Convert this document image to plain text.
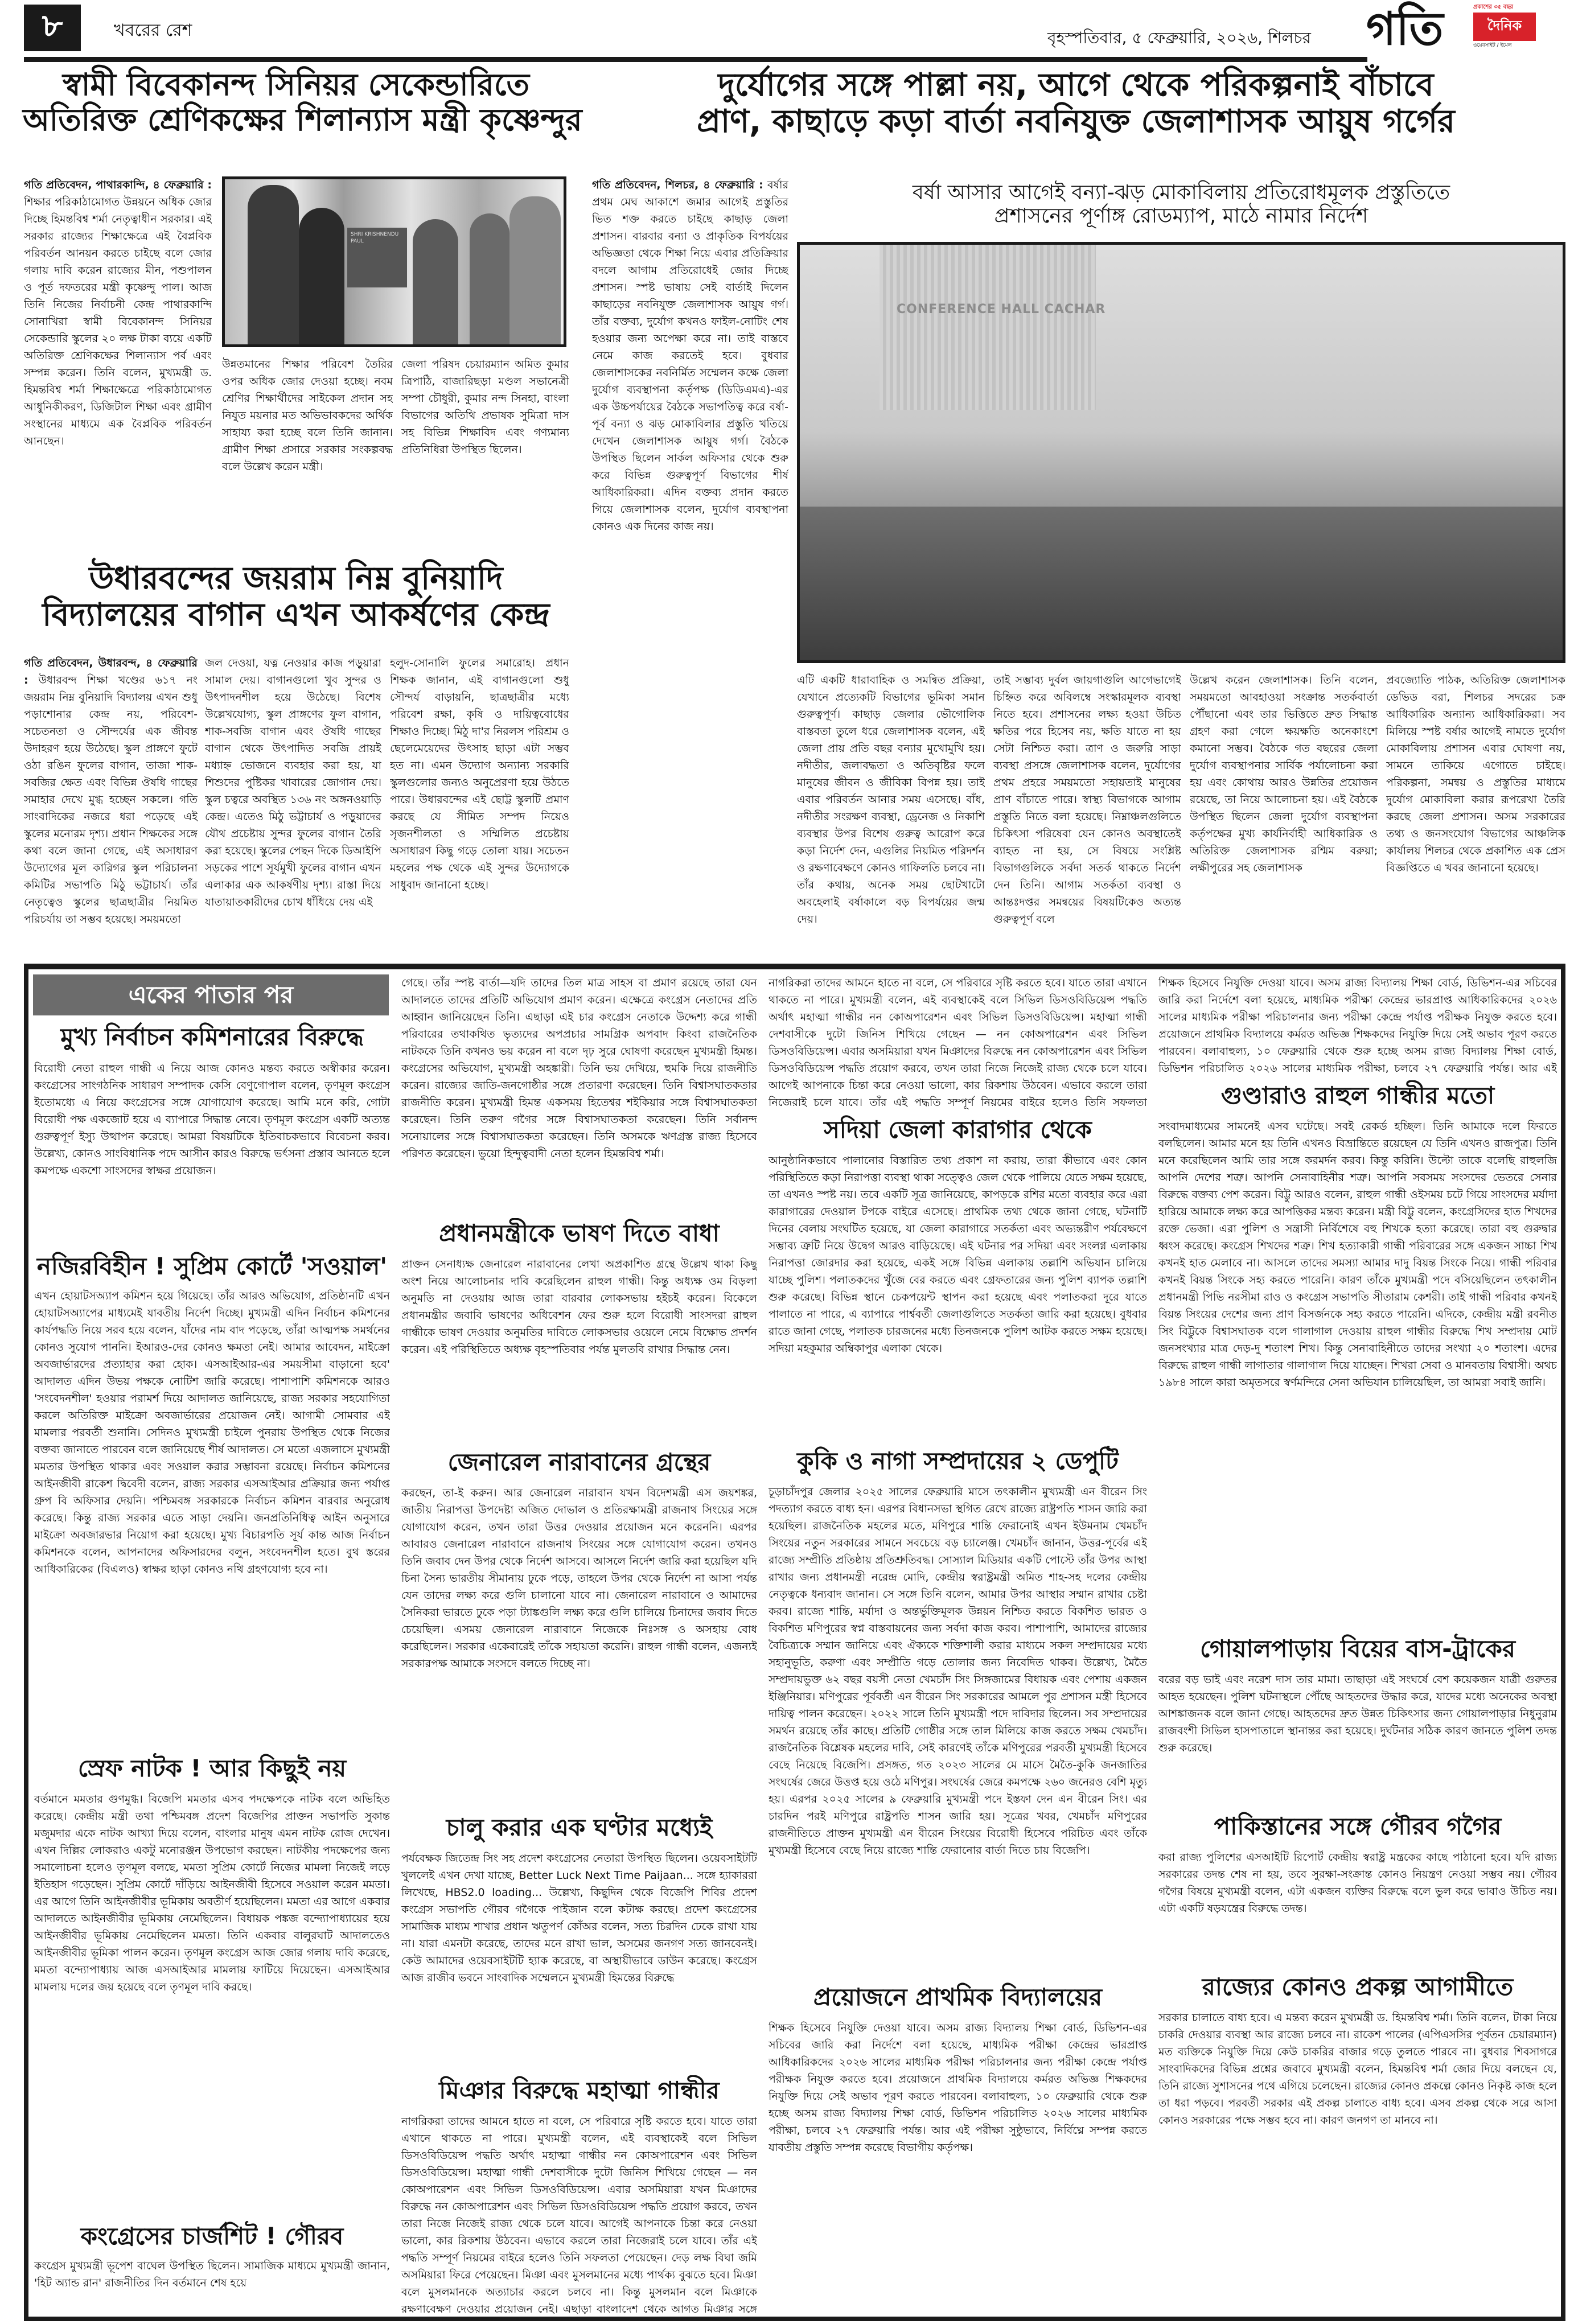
৮	খবরের রেশ	বৃহস্পতিবার, ৫ ফেব্রুয়ারি, ২০২৬, শিলচর গতি	প্রকাশের ৩৫ বছর
দৈনিক
ওয়েবসাইট / ইমেল
স্বামী বিবেকানন্দ সিনিয়র সেকেন্ডারিতে
অতিরিক্ত শ্রেণিকক্ষের শিলান্যাস মন্ত্রী কৃষ্ণেন্দুর
গতি প্রতিবেদন, পাথারকান্দি, ৪ ফেব্রুয়ারি : শিক্ষার পরিকাঠামোগত উন্নয়নে অধিক জোর দিচ্ছে হিমন্তবিশ্ব শর্মা নেতৃত্বাধীন সরকার। এই সরকার রাজ্যের শিক্ষাক্ষেত্রে এই বৈপ্লবিক পরিবর্তন আনয়ন করতে চাইছে বলে জোর গলায় দাবি করেন রাজ্যের মীন, পশুপালন ও পূর্ত দফতরের মন্ত্রী কৃষ্ণেন্দু পাল। আজ তিনি নিজের নির্বাচনী কেন্দ্র পাথারকান্দি সোনাখিরা স্বামী বিবেকানন্দ সিনিয়র সেকেন্ডারি স্কুলের ২০ লক্ষ টাকা ব্যয়ে একটি অতিরিক্ত শ্রেণিকক্ষের শিলান্যাস পর্ব এবং সম্পন্ন করেন। তিনি বলেন, মুখ্যমন্ত্রী ড. হিমন্তবিশ্ব শর্মা শিক্ষাক্ষেত্রে পরিকাঠামোগত আধুনিকীকরণ, ডিজিটাল শিক্ষা এবং গ্রামীণ সংস্থানের মাধ্যমে এক বৈপ্লবিক পরিবর্তন আনছেন।
SHRI KRISHNENDU PAUL
উন্নতমানের শিক্ষার পরিবেশ তৈরির ওপর অধিক জোর দেওয়া হচ্ছে। নবম শ্রেণির শিক্ষার্থীদের সাইকেল প্রদান সহ নিযুত ময়নার মত অভিভাবকদের অর্থিক সাহায্য করা হচ্ছে বলে তিনি জানান। গ্রামীণ শিক্ষা প্রসারে সরকার সংকল্পবদ্ধ বলে উল্লেখ করেন মন্ত্রী।
জেলা পরিষদ চেয়ারম্যান অমিত কুমার ত্রিপাঠি, বাজারিছড়া মণ্ডল সভানেত্রী সম্পা চৌধুরী, কুমার নন্দ সিনহা, বাংলা বিভাগের অতিথি প্রভাষক সুমিত্রা দাস সহ বিভিন্ন শিক্ষাবিদ এবং গণ্যমান্য প্রতিনিধিরা উপস্থিত ছিলেন।
উধারবন্দের জয়রাম নিম্ন বুনিয়াদি
বিদ্যালয়ের বাগান এখন আকর্ষণের কেন্দ্র
গতি প্রতিবেদন, উধারবন্দ, ৪ ফেব্রুয়ারি : উধারবন্দ শিক্ষা খণ্ডের ৬১৭ নং জয়রাম নিম্ন বুনিয়াদি বিদ্যালয় এখন শুধু পড়াশোনার কেন্দ্র নয়, পরিবেশ-সচেতনতা ও সৌন্দর্যের এক জীবন্ত উদাহরণ হয়ে উঠেছে। স্কুল প্রাঙ্গণে ফুটে ওঠা রঙিন ফুলের বাগান, তাজা শাক-সবজির ক্ষেত এবং বিভিন্ন ঔষধি গাছের সমাহার দেখে মুগ্ধ হচ্ছেন সকলে। গতি সাংবাদিকের নজরে ধরা পড়েছে এই স্কুলের মনোরম দৃশ্য। প্রধান শিক্ষকের সঙ্গে কথা বলে জানা গেছে, এই অসাধারণ উদ্যোগের মূল কারিগর স্কুল পরিচালনা কমিটির সভাপতি মিঠু ভট্টাচার্য। তাঁর নেতৃত্বেও স্কুলের ছাত্রছাত্রীর নিয়মিত পরিচর্যায় তা সম্ভব হয়েছে। সময়মতো
জল দেওয়া, যত্ন নেওয়ার কাজ পড়ুয়ারা সামাল দেয়। বাগানগুলো খুব সুন্দর ও উৎপাদনশীল হয়ে উঠেছে। বিশেষ উল্লেখযোগ্য, স্কুল প্রাঙ্গণের ফুল বাগান, শাক-সবজি বাগান এবং ঔষধি গাছের বাগান থেকে উৎপাদিত সবজি প্রায়ই মধ্যাহ্ন ভোজনে ব্যবহার করা হয়, যা শিশুদের পুষ্টিকর খাবারের জোগান দেয়। স্কুল চত্বরে অবস্থিত ১৩৬ নং অঙ্গনওয়াড়ি কেন্দ্র। এতেও মিঠু ভট্টাচার্য ও পড়ুয়াদের যৌথ প্রচেষ্টায় সুন্দর ফুলের বাগান তৈরি করা হয়েছে। স্কুলের পেছন দিকে ডিআইপি সড়কের পাশে সূর্যমুখী ফুলের বাগান এখন এলাকার এক আকর্ষণীয় দৃশ্য। রাস্তা দিয়ে যাতায়াতকারীদের চোখ ধাঁধিয়ে দেয় এই
হলুদ-সোনালি ফুলের সমারোহ। প্রধান শিক্ষক জানান, এই বাগানগুলো শুধু সৌন্দর্য বাড়ায়নি, ছাত্রছাত্রীর মধ্যে পরিবেশ রক্ষা, কৃষি ও দায়িত্ববোধের শিক্ষাও দিচ্ছে। মিঠু দা'র নিরলস পরিশ্রম ও ছেলেমেয়েদের উৎসাহ ছাড়া এটা সম্ভব হত না। এমন উদ্যোগ অন্যান্য সরকারি স্কুলগুলোর জন্যও অনুপ্রেরণা হয়ে উঠতে পারে। উধারবন্দের এই ছোট্ট স্কুলটি প্রমাণ করছে যে সীমিত সম্পদ নিয়েও সৃজনশীলতা ও সম্মিলিত প্রচেষ্টায় অসাধারণ কিছু গড়ে তোলা যায়। সচেতন মহলের পক্ষ থেকে এই সুন্দর উদ্যোগকে সাধুবাদ জানানো হচ্ছে।
দুর্যোগের সঙ্গে পাল্লা নয়, আগে থেকে পরিকল্পনাই বাঁচাবে
প্রাণ, কাছাড়ে কড়া বার্তা নবনিযুক্ত জেলাশাসক আয়ুষ গর্গের
গতি প্রতিবেদন, শিলচর, ৪ ফেব্রুয়ারি : বর্ষার প্রথম মেঘ আকাশে জমার আগেই প্রস্তুতির ভিত শক্ত করতে চাইছে কাছাড় জেলা প্রশাসন। বারবার বন্যা ও প্রাকৃতিক বিপর্যয়ের অভিজ্ঞতা থেকে শিক্ষা নিয়ে এবার প্রতিক্রিয়ার বদলে আগাম প্রতিরোধেই জোর দিচ্ছে প্রশাসন। স্পষ্ট ভাষায় সেই বার্তাই দিলেন কাছাড়ের নবনিযুক্ত জেলাশাসক আয়ুষ গর্গ। তাঁর বক্তব্য, দুর্যোগ কখনও ফাইল-নোটিং শেষ হওয়ার জন্য অপেক্ষা করে না। তাই বাস্তবে নেমে কাজ করতেই হবে। বুধবার জেলাশাসকের নবনির্মিত সম্মেলন কক্ষে জেলা দুর্যোগ ব্যবস্থাপনা কর্তৃপক্ষ (ডিডিএমএ)-এর এক উচ্চপর্যায়ের বৈঠকে সভাপতিত্ব করে বর্ষা-পূর্ব বন্যা ও ঝড় মোকাবিলার প্রস্তুতি খতিয়ে দেখেন জেলাশাসক আয়ুষ গর্গ। বৈঠকে উপস্থিত ছিলেন সার্কল অফিসার থেকে শুরু করে বিভিন্ন গুরুত্বপূর্ণ বিভাগের শীর্ষ আধিকারিকরা। এদিন বক্তব্য প্রদান করতে গিয়ে জেলাশাসক বলেন, দুর্যোগ ব্যবস্থাপনা কোনও এক দিনের কাজ নয়।
বর্ষা আসার আগেই বন্যা-ঝড় মোকাবিলায় প্রতিরোধমূলক প্রস্তুতিতে
প্রশাসনের পূর্ণাঙ্গ রোডম্যাপ, মাঠে নামার নির্দেশ
CONFERENCE HALL CACHAR
এটি একটি ধারাবাহিক ও সমন্বিত প্রক্রিয়া, যেখানে প্রত্যেকটি বিভাগের ভূমিকা সমান গুরুত্বপূর্ণ। কাছাড় জেলার ভৌগোলিক বাস্তবতা তুলে ধরে জেলাশাসক বলেন, এই জেলা প্রায় প্রতি বছর বন্যার মুখোমুখি হয়। নদীতীর, জলাবদ্ধতা ও অতিবৃষ্টির ফলে মানুষের জীবন ও জীবিকা বিপন্ন হয়। তাই এবার পরিবর্তন আনার সময় এসেছে। বাঁধ, নদীতীর সংরক্ষণ ব্যবস্থা, ড্রেনেজ ও নিকাশি ব্যবস্থার উপর বিশেষ গুরুত্ব আরোপ করে কড়া নির্দেশ দেন, এগুলির নিয়মিত পরিদর্শন ও রক্ষণাবেক্ষণে কোনও গাফিলতি চলবে না। তাঁর কথায়, অনেক সময় ছোটখাটো অবহেলাই বর্ষাকালে বড় বিপর্যয়ের জন্ম দেয়।
তাই সম্ভাব্য দুর্বল জায়গাগুলি আগেভাগেই চিহ্নিত করে অবিলম্বে সংস্কারমূলক ব্যবস্থা নিতে হবে। প্রশাসনের লক্ষ্য হওয়া উচিত ক্ষতির পরে হিসেব নয়, ক্ষতি যাতে না হয় সেটা নিশ্চিত করা। ত্রাণ ও জরুরি সাড়া ব্যবস্থা প্রসঙ্গে জেলাশাসক বলেন, দুর্যোগের প্রথম প্রহরে সময়মতো সহায়তাই মানুষের প্রাণ বাঁচাতে পারে। স্বাস্থ্য বিভাগকে আগাম প্রস্তুতি নিতে বলা হয়েছে। নিম্নাঞ্চলগুলিতে চিকিৎসা পরিষেবা যেন কোনও অবস্থাতেই ব্যাহত না হয়, সে বিষয়ে সংশ্লিষ্ট বিভাগগুলিকে সর্বদা সতর্ক থাকতে নির্দেশ দেন তিনি। আগাম সতর্কতা ব্যবস্থা ও আন্তঃদপ্তর সমন্বয়ের বিষয়টিকেও অত্যন্ত গুরুত্বপূর্ণ বলে
উল্লেখ করেন জেলাশাসক। তিনি বলেন, সময়মতো আবহাওয়া সংক্রান্ত সতর্কবার্তা পৌঁছানো এবং তার ভিত্তিতে দ্রুত সিদ্ধান্ত গ্রহণ করা গেলে ক্ষয়ক্ষতি অনেকাংশে কমানো সম্ভব। বৈঠকে গত বছরের জেলা দুর্যোগ ব্যবস্থাপনার সার্বিক পর্যালোচনা করা হয় এবং কোথায় আরও উন্নতির প্রয়োজন রয়েছে, তা নিয়ে আলোচনা হয়। এই বৈঠকে উপস্থিত ছিলেন জেলা দুর্যোগ ব্যবস্থাপনা কর্তৃপক্ষের মুখ্য কার্যনির্বাহী আধিকারিক ও অতিরিক্ত জেলাশাসক রশ্মিম বরুয়া; লক্ষীপুরের সহ জেলাশাসক
প্রবজ্যোতি পাঠক, অতিরিক্ত জেলাশাসক ডেভিড বরা, শিলচর সদরের চক্র আধিকারিক অন্যান্য আধিকারিকরা। সব মিলিয়ে স্পষ্ট বর্ষার আগেই নামতে দুর্যোগ মোকাবিলায় প্রশাসন এবার ঘোষণা নয়, সামনে তাকিয়ে এগোতে চাইছে। পরিকল্পনা, সমন্বয় ও প্রস্তুতির মাধ্যমে দুর্যোগ মোকাবিলা করার রূপরেখা তৈরি করছে জেলা প্রশাসন। অসম সরকারের তথ্য ও জনসংযোগ বিভাগের আঞ্চলিক কার্যালয় শিলচর থেকে প্রকাশিত এক প্রেস বিজ্ঞপ্তিতে এ খবর জানানো হয়েছে।
একের পাতার পর
মুখ্য নির্বাচন কমিশনারের বিরুদ্ধে
বিরোধী নেতা রাহুল গান্ধী এ নিয়ে আজ কোনও মন্তব্য করতে অস্বীকার করেন। কংগ্রেসের সাংগঠনিক সাধারণ সম্পাদক কেসি বেণুগোপাল বলেন, তৃণমূল কংগ্রেস ইতোমধ্যে এ নিয়ে কংগ্রেসের সঙ্গে যোগাযোগ করেছে। আমি মনে করি, গোটা বিরোধী পক্ষ একজোট হয়ে এ ব্যাপারে সিদ্ধান্ত নেবে। তৃণমূল কংগ্রেস একটি অত্যন্ত গুরুত্বপূর্ণ ইস্যু উত্থাপন করেছে। আমরা বিষয়টিকে ইতিবাচকভাবে বিবেচনা করব। উল্লেখ্য, কোনও সাংবিধানিক পদে আসীন কারও বিরুদ্ধে ভর্ৎসনা প্রস্তাব আনতে হলে কমপক্ষে একশো সাংসদের স্বাক্ষর প্রয়োজন।
নজিরবিহীন ! সুপ্রিম কোর্টে 'সওয়াল'
এখন হোয়াটসঅ্যাপ কমিশন হয়ে গিয়েছে। তাঁর আরও অভিযোগ, প্রতিষ্ঠানটি এখন হোয়াটসঅ্যাপের মাধ্যমেই যাবতীয় নির্দেশ দিচ্ছে। মুখ্যমন্ত্রী এদিন নির্বাচন কমিশনের কার্যপদ্ধতি নিয়ে সরব হয়ে বলেন, যাঁদের নাম বাদ পড়েছে, তাঁরা আত্মপক্ষ সমর্থনের কোনও সুযোগ পাননি। ইআরও-দের কোনও ক্ষমতা নেই। আমার আবেদন, মাইক্রো অবজার্ভারদের প্রত্যাহার করা হোক। এসআইআর-এর সময়সীমা বাড়ানো হবে' আদালত এদিন উভয় পক্ষকে নোটিশ জারি করেছে। পাশাপাশি কমিশনকে আরও 'সংবেদনশীল' হওয়ার পরামর্শ দিয়ে আদালত জানিয়েছে, রাজ্য সরকার সহযোগিতা করলে অতিরিক্ত মাইক্রো অবজার্ভারের প্রয়োজন নেই। আগামী সোমবার এই মামলার পরবর্তী শুনানি। সেদিনও মুখ্যমন্ত্রী চাইলে পুনরায় উপস্থিত থেকে নিজের বক্তব্য জানাতে পারবেন বলে জানিয়েছে শীর্ষ আদালত। সে মতো এজলাসে মুখ্যমন্ত্রী মমতার উপস্থিত থাকার এবং সওয়াল করার সম্ভাবনা রয়েছে। নির্বাচন কমিশনের আইনজীবী রাকেশ দ্বিবেদী বলেন, রাজ্য সরকার এসআইআর প্রক্রিয়ার জন্য পর্যাপ্ত গ্রুপ বি অফিসার দেয়নি। পশ্চিমবঙ্গ সরকারকে নির্বাচন কমিশন বারবার অনুরোধ করেছে। কিন্তু রাজ্য সরকার এতে সাড়া দেয়নি। জনপ্রতিনিধিত্ব আইন অনুসারে মাইক্রো অবজারভার নিয়োগ করা হয়েছে। মুখ্য বিচারপতি সূর্য কান্ত আজ নির্বাচন কমিশনকে বলেন, আপনাদের অফিসারদের বলুন, সংবেদনশীল হতে। বুথ স্তরের আধিকারিকের (বিএলও) স্বাক্ষর ছাড়া কোনও নথি গ্রহণযোগ্য হবে না।
স্রেফ নাটক ! আর কিছুই নয়
বর্তমানে মমতার গুণমুগ্ধ। বিজেপি মমতার এসব পদক্ষেপকে নাটক বলে অভিহিত করেছে। কেন্দ্রীয় মন্ত্রী তথা পশ্চিমবঙ্গ প্রদেশ বিজেপির প্রাক্তন সভাপতি সুকান্ত মজুমদার একে নাটক আখ্যা দিয়ে বলেন, বাংলার মানুষ এমন নাটক রোজ দেখেন। এখন দিল্লির লোকরাও একটু মনোরঞ্জন উপভোগ করছেন। নাটকীয় পদক্ষেপের জন্য সমালোচনা হলেও তৃণমূল বলছে, মমতা সুপ্রিম কোর্টে নিজের মামলা নিজেই লড়ে ইতিহাস গড়েছেন। সুপ্রিম কোর্টে দাঁড়িয়ে আইনজীবী হিসেবে সওয়াল করেন মমতা। এর আগে তিনি আইনজীবীর ভূমিকায় অবতীর্ণ হয়েছিলেন। মমতা এর আগে একবার আদালতে আইনজীবীর ভূমিকায় নেমেছিলেন। বিধায়ক পঙ্কজ বন্দ্যোপাধ্যায়ের হয়ে আইনজীবীর ভূমিকায় নেমেছিলেন মমতা। তিনি একবার বালুরঘাট আদালতেও আইনজীবীর ভূমিকা পালন করেন। তৃণমূল কংগ্রেস আজ জোর গলায় দাবি করেছে, মমতা বন্দ্যোপাধ্যায় আজ এসআইআর মামলায় ফাটিয়ে দিয়েছেন। এসআইআর মামলায় দলের জয় হয়েছে বলে তৃণমূল দাবি করছে।
কংগ্রেসের চার্জশিট ! গৌরব
কংগ্রেস মুখ্যমন্ত্রী ভূপেশ বাঘেল উপস্থিত ছিলেন। সামাজিক মাধ্যমে মুখ্যমন্ত্রী জানান, 'হিট অ্যান্ড রান' রাজনীতির দিন বর্তমানে শেষ হয়ে
গেছে। তাঁর স্পষ্ট বার্তা—যদি তাদের তিল মাত্র সাহস বা প্রমাণ রয়েছে তারা যেন আদালতে তাদের প্রতিটি অভিযোগ প্রমাণ করেন। এক্ষেত্রে কংগ্রেস নেতাদের প্রতি আহ্বান জানিয়েছেন তিনি। এছাড়া এই চার কংগ্রেস নেতাকে উদ্দেশ্য করে গান্ধী পরিবারের তথাকথিত ভৃত্যদের অপপ্রচার সামগ্রিক অপবাদ কিংবা রাজনৈতিক নাটককে তিনি কখনও ভয় করেন না বলে দৃঢ় সুরে ঘোষণা করেছেন মুখ্যমন্ত্রী হিমন্ত। কংগ্রেসের অভিযোগ, মুখ্যমন্ত্রী অহঙ্কারী। তিনি ভয় দেখিয়ে, হুমকি দিয়ে রাজনীতি করেন। রাজ্যের জাতি-জনগোষ্ঠীর সঙ্গে প্রতারণা করেছেন। তিনি বিশ্বাসঘাতকতার রাজনীতি করেন। মুখ্যমন্ত্রী হিমন্ত একসময় হিতেশ্বর শইকিয়ার সঙ্গে বিশ্বাসঘাতকতা করেছেন। তিনি তরুণ গগৈর সঙ্গে বিশ্বাসঘাতকতা করেছেন। তিনি সর্বানন্দ সনোয়ালের সঙ্গে বিশ্বাসঘাতকতা করেছেন। তিনি অসমকে ঋণগ্রস্ত রাজ্য হিসেবে পরিণত করেছেন। ভুয়ো হিন্দুত্ববাদী নেতা হলেন হিমন্তবিশ্ব শর্মা।
প্রধানমন্ত্রীকে ভাষণ দিতে বাধা
প্রাক্তন সেনাধ্যক্ষ জেনারেল নারাবানের লেখা অপ্রকাশিত গ্রন্থে উল্লেখ থাকা কিছু অংশ নিয়ে আলোচনার দাবি করেছিলেন রাহুল গান্ধী। কিন্তু অধ্যক্ষ ওম বিড়লা অনুমতি না দেওয়ায় আজ তারা বারবার লোকসভায় হইচই করেন। বিকেলে প্রধানমন্ত্রীর জবাবি ভাষণের অধিবেশন ফের শুরু হলে বিরোধী সাংসদরা রাহুল গান্ধীকে ভাষণ দেওয়ার অনুমতির দাবিতে লোকসভার ওয়েলে নেমে বিক্ষোভ প্রদর্শন করেন। এই পরিস্থিতিতে অধ্যক্ষ বৃহস্পতিবার পর্যন্ত মুলতবি রাখার সিদ্ধান্ত নেন।
জেনারেল নারাবানের গ্রন্থের
করছেন, তা-ই করুন। আর জেনারেল নারাবান যখন বিদেশমন্ত্রী এস জয়শঙ্কর, জাতীয় নিরাপত্তা উপদেষ্টা অজিত দোভাল ও প্রতিরক্ষামন্ত্রী রাজনাথ সিংয়ের সঙ্গে যোগাযোগ করেন, তখন তারা উত্তর দেওয়ার প্রয়োজন মনে করেননি। এরপর আবারও জেনারেল নারাবানে রাজনাথ সিংয়ের সঙ্গে যোগাযোগ করেন। তখনও তিনি জবাব দেন উপর থেকে নির্দেশ আসবে। আসলে নির্দেশ জারি করা হয়েছিল যদি চিনা সৈন্য ভারতীয় সীমানায় ঢুকে পড়ে, তাহলে উপর থেকে নির্দেশ না আসা পর্যন্ত যেন তাদের লক্ষ্য করে গুলি চালানো যাবে না। জেনারেল নারাবানে ও আমাদের সৈনিকরা ভারতে ঢুকে পড়া ট্যাঙ্কগুলি লক্ষ্য করে গুলি চালিয়ে চিনাদের জবাব দিতে চেয়েছিল। এসময় জেনারেল নারাবানে নিজেকে নিঃসঙ্গ ও অসহায় বোধ করেছিলেন। সরকার একেবারেই তাঁকে সহায়তা করেনি। রাহুল গান্ধী বলেন, এজন্যই সরকারপক্ষ আমাকে সংসদে বলতে দিচ্ছে না।
চালু করার এক ঘণ্টার মধ্যেই
পর্যবেক্ষক জিতেন্দ্র সিং সহ প্রদেশ কংগ্রেসের নেতারা উপস্থিত ছিলেন। ওয়েবসাইটটি খুললেই এখন দেখা যাচ্ছে, Better Luck Next Time Paijaan... সঙ্গে হ্যাকাররা লিখেছে, HBS2.0 loading... উল্লেখ্য, কিছুদিন থেকে বিজেপি শিবির প্রদেশ কংগ্রেস সভাপতি গৌরব গগৈকে পাইজান বলে কটাক্ষ করছে। প্রদেশ কংগ্রেসের সামাজিক মাধ্যম শাখার প্রধান ঋতুপর্ণ কোঁঅর বলেন, সত্য চিরদিন ঢেকে রাখা যায় না। যারা এমনটা করেছে, তাদের মনে রাখা ভাল, অসমের জনগণ সত্য জানবেনই। কেউ আমাদের ওয়েবসাইটটি হ্যাক করেছে, বা অস্থায়ীভাবে ডাউন করেছে। কংগ্রেস আজ রাজীব ভবনে সাংবাদিক সম্মেলনে মুখ্যমন্ত্রী হিমন্তের বিরুদ্ধে
মিঞার বিরুদ্ধে মহাত্মা গান্ধীর
নাগরিকরা তাদের আমনে হাতে না বলে, সে পরিবারে সৃষ্টি করতে হবে। যাতে তারা এখানে থাকতে না পারে। মুখ্যমন্ত্রী বলেন, এই ব্যবস্থাকেই বলে সিভিল ডিসওবিডিয়েন্স পদ্ধতি অর্থাৎ মহাত্মা গান্ধীর নন কোঅপারেশন এবং সিভিল ডিসওবিডিয়েন্স। মহাত্মা গান্ধী দেশবাসীকে দুটো জিনিস শিখিয়ে গেছেন — নন কোঅপারেশন এবং সিভিল ডিসওবিডিয়েন্স। এবার অসমিয়ারা যখন মিঞাদের বিরুদ্ধে নন কোঅপারেশন এবং সিভিল ডিসওবিডিয়েন্স পদ্ধতি প্রয়োগ করবে, তখন তারা নিজে নিজেই রাজ্য থেকে চলে যাবে। আগেই আপনাকে চিন্তা করে নেওয়া ভালো, কার রিকশায় উঠবেন। এভাবে করলে তারা নিজেরাই চলে যাবে। তাঁর এই পদ্ধতি সম্পূর্ণ নিয়মের বাইরে হলেও তিনি সফলতা পেয়েছেন। দেড় লক্ষ বিঘা জমি অসমিয়ারা ফিরে পেয়েছেন। মিঞা এবং মুসলমানের মধ্যে পার্থক্য বুঝতে হবে। মিঞা বলে মুসলমানকে অত্যাচার করলে চলবে না। কিন্তু মুসলমান বলে মিঞাকে রক্ষণাবেক্ষণ দেওয়ার প্রয়োজন নেই। এছাড়া বাংলাদেশ থেকে আগত মিঞার সঙ্গে
নাগরিকরা তাদের আমনে হাতে না বলে, সে পরিবারে সৃষ্টি করতে হবে। যাতে তারা এখানে থাকতে না পারে। মুখ্যমন্ত্রী বলেন, এই ব্যবস্থাকেই বলে সিভিল ডিসওবিডিয়েন্স পদ্ধতি অর্থাৎ মহাত্মা গান্ধীর নন কোঅপারেশন এবং সিভিল ডিসওবিডিয়েন্স। মহাত্মা গান্ধী দেশবাসীকে দুটো জিনিস শিখিয়ে গেছেন — নন কোঅপারেশন এবং সিভিল ডিসওবিডিয়েন্স। এবার অসমিয়ারা যখন মিঞাদের বিরুদ্ধে নন কোঅপারেশন এবং সিভিল ডিসওবিডিয়েন্স পদ্ধতি প্রয়োগ করবে, তখন তারা নিজে নিজেই রাজ্য থেকে চলে যাবে। আগেই আপনাকে চিন্তা করে নেওয়া ভালো, কার রিকশায় উঠবেন। এভাবে করলে তারা নিজেরাই চলে যাবে। তাঁর এই পদ্ধতি সম্পূর্ণ নিয়মের বাইরে হলেও তিনি সফলতা
সদিয়া জেলা কারাগার থেকে
আনুষ্ঠানিকভাবে পালানোর বিস্তারিত তথ্য প্রকাশ না করায়, তারা কীভাবে এবং কোন পরিস্থিতিতে কড়া নিরাপত্তা ব্যবস্থা থাকা সত্ত্বেও জেল থেকে পালিয়ে যেতে সক্ষম হয়েছে, তা এখনও স্পষ্ট নয়। তবে একটি সূত্র জানিয়েছে, কাপড়কে রশির মতো ব্যবহার করে এরা কারাগারের দেওয়াল টপকে বাইরে এসেছে। প্রাথমিক তথ্য থেকে জানা গেছে, ঘটনাটি দিনের বেলায় সংঘটিত হয়েছে, যা জেলা কারাগারে সতর্কতা এবং অভ্যন্তরীণ পর্যবেক্ষণে সম্ভাব্য ত্রুটি নিয়ে উদ্বেগ আরও বাড়িয়েছে। এই ঘটনার পর সদিয়া এবং সংলগ্ন এলাকায় নিরাপত্তা জোরদার করা হয়েছে, একই সঙ্গে বিভিন্ন এলাকায় তল্লাশি অভিযান চালিয়ে যাচ্ছে পুলিশ। পলাতকদের খুঁজে বের করতে এবং গ্রেফতারের জন্য পুলিশ ব্যাপক তল্লাশি শুরু করেছে। বিভিন্ন স্থানে চেকপয়েন্ট স্থাপন করা হয়েছে এবং পলাতকরা দূরে যাতে পালাতে না পারে, এ ব্যাপারে পার্শ্ববর্তী জেলাগুলিতে সতর্কতা জারি করা হয়েছে। বুধবার রাতে জানা গেছে, পলাতক চারজনের মধ্যে তিনজনকে পুলিশ আটক করতে সক্ষম হয়েছে। সদিয়া মহকুমার অম্বিকাপুর এলাকা থেকে।
কুকি ও নাগা সম্প্রদায়ের ২ ডেপুটি
চূড়াচাঁদপুর জেলার ২০২৫ সালের ফেব্রুয়ারি মাসে তৎকালীন মুখ্যমন্ত্রী এন বীরেন সিং পদত্যাগ করতে বাধ্য হন। এরপর বিধানসভা স্থগিত রেখে রাজ্যে রাষ্ট্রপতি শাসন জারি করা হয়েছিল। রাজনৈতিক মহলের মতে, মণিপুরে শান্তি ফেরানোই এখন ইউমনাম খেমচাঁদ সিংয়ের নতুন সরকারের সামনে সবচেয়ে বড় চ্যালেঞ্জ। খেমচাঁদ জানান, উত্তর-পূর্বের এই রাজ্যে সম্প্রীতি প্রতিষ্ঠায় প্রতিশ্রুতিবদ্ধ। সোস্যাল মিডিয়ার একটি পোস্টে তাঁর উপর আস্থা রাখার জন্য প্রধানমন্ত্রী নরেন্দ্র মোদি, কেন্দ্রীয় স্বরাষ্ট্রমন্ত্রী অমিত শাহ-সহ দলের কেন্দ্রীয় নেতৃত্বকে ধন্যবাদ জানান। সে সঙ্গে তিনি বলেন, আমার উপর আস্থার সম্মান রাখার চেষ্টা করব। রাজ্যে শান্তি, মর্যাদা ও অন্তর্ভুক্তিমূলক উন্নয়ন নিশ্চিত করতে বিকশিত ভারত ও বিকশিত মণিপুরের স্বপ্ন বাস্তবায়নের জন্য সর্বদা কাজ করব। পাশাপাশি, আমাদের রাজ্যের বৈচিত্র্যকে সম্মান জানিয়ে এবং ঐক্যকে শক্তিশালী করার মাধ্যমে সকল সম্প্রদায়ের মধ্যে সহানুভূতি, করুণা এবং সম্প্রীতি গড়ে তোলার জন্য নিবেদিত থাকব। উল্লেখ্য, মৈতৈ সম্প্রদায়ভুক্ত ৬২ বছর বয়সী নেতা খেমচাঁদ সিং সিঙ্গজামের বিধায়ক এবং পেশায় একজন ইঞ্জিনিয়ার। মণিপুরের পূর্ববর্তী এন বীরেন সিং সরকারের আমলে পুর প্রশাসন মন্ত্রী হিসেবে দায়িত্ব পালন করেছেন। ২০২২ সালে তিনি মুখ্যমন্ত্রী পদে দাবিদার ছিলেন। সব সম্প্রদায়ের সমর্থন রয়েছে তাঁর কাছে। প্রতিটি গোষ্ঠীর সঙ্গে তাল মিলিয়ে কাজ করতে সক্ষম খেমচাঁদ। রাজনৈতিক বিশ্লেষক মহলের দাবি, সেই কারণেই তাঁকে মণিপুরের পরবর্তী মুখ্যমন্ত্রী হিসেবে বেছে নিয়েছে বিজেপি। প্রসঙ্গত, গত ২০২৩ সালের মে মাসে মৈতৈ-কুকি জনজাতির সংঘর্ষের জেরে উত্তপ্ত হয়ে ওঠে মণিপুর। সংঘর্ষের জেরে কমপক্ষে ২৬০ জনেরও বেশি মৃত্যু হয়। এরপর ২০২৫ সালের ৯ ফেব্রুয়ারি মুখ্যমন্ত্রী পদে ইস্তফা দেন এন বীরেন সিং। এর চারদিন পরই মণিপুরে রাষ্ট্রপতি শাসন জারি হয়। সূত্রের খবর, খেমচাঁদ মণিপুরের রাজনীতিতে প্রাক্তন মুখ্যমন্ত্রী এন বীরেন সিংয়ের বিরোধী হিসেবে পরিচিত এবং তাঁকে মুখ্যমন্ত্রী হিসেবে বেছে নিয়ে রাজ্যে শান্তি ফেরানোর বার্তা দিতে চায় বিজেপি।
প্রয়োজনে প্রাথমিক বিদ্যালয়ের
শিক্ষক হিসেবে নিযুক্তি দেওয়া যাবে। অসম রাজ্য বিদ্যালয় শিক্ষা বোর্ড, ডিভিশন-এর সচিবের জারি করা নির্দেশে বলা হয়েছে, মাধ্যমিক পরীক্ষা কেন্দ্রের ভারপ্রাপ্ত আধিকারিকদের ২০২৬ সালের মাধ্যমিক পরীক্ষা পরিচালনার জন্য পরীক্ষা কেন্দ্রে পর্যাপ্ত পরীক্ষক নিযুক্ত করতে হবে। প্রয়োজনে প্রাথমিক বিদ্যালয়ে কর্মরত অভিজ্ঞ শিক্ষকদের নিযুক্তি দিয়ে সেই অভাব পূরণ করতে পারবেন। বলাবাহুল্য, ১০ ফেব্রুয়ারি থেকে শুরু হচ্ছে অসম রাজ্য বিদ্যালয় শিক্ষা বোর্ড, ডিভিশন পরিচালিত ২০২৬ সালের মাধ্যমিক পরীক্ষা, চলবে ২৭ ফেব্রুয়ারি পর্যন্ত। আর এই পরীক্ষা সুষ্ঠুভাবে, নির্বিঘ্নে সম্পন্ন করতে যাবতীয় প্রস্তুতি সম্পন্ন করেছে বিভাগীয় কর্তৃপক্ষ।
শিক্ষক হিসেবে নিযুক্তি দেওয়া যাবে। অসম রাজ্য বিদ্যালয় শিক্ষা বোর্ড, ডিভিশন-এর সচিবের জারি করা নির্দেশে বলা হয়েছে, মাধ্যমিক পরীক্ষা কেন্দ্রের ভারপ্রাপ্ত আধিকারিকদের ২০২৬ সালের মাধ্যমিক পরীক্ষা পরিচালনার জন্য পরীক্ষা কেন্দ্রে পর্যাপ্ত পরীক্ষক নিযুক্ত করতে হবে। প্রয়োজনে প্রাথমিক বিদ্যালয়ে কর্মরত অভিজ্ঞ শিক্ষকদের নিযুক্তি দিয়ে সেই অভাব পূরণ করতে পারবেন। বলাবাহুল্য, ১০ ফেব্রুয়ারি থেকে শুরু হচ্ছে অসম রাজ্য বিদ্যালয় শিক্ষা বোর্ড, ডিভিশন পরিচালিত ২০২৬ সালের মাধ্যমিক পরীক্ষা, চলবে ২৭ ফেব্রুয়ারি পর্যন্ত। আর এই
গুণ্ডারাও রাহুল গান্ধীর মতো
সংবাদমাধ্যমের সামনেই এসব ঘটেছে। সবই রেকর্ড হচ্ছিল। তিনি আমাকে দলে ফিরতে বলছিলেন। আমার মনে হয় তিনি এখনও বিভ্রান্তিতে রয়েছেন যে তিনি এখনও রাজপুত্র। তিনি মনে করেছিলেন আমি তার সঙ্গে করমর্দন করব। কিন্তু করিনি। উল্টো তাকে বলেছি রাহুলজি আপনি দেশের শত্রু। আপনি সেনাবাহিনীর শত্রু। আপনি সবসময় সংসদের ভেতরে সেনার বিরুদ্ধে বক্তব্য পেশ করেন। বিট্টু আরও বলেন, রাহুল গান্ধী ওইসময় চটে গিয়ে সাংসদের মর্যাদা হারিয়ে আমাকে লক্ষ্য করে আপত্তিকর মন্তব্য করেন। মন্ত্রী বিট্টু বলেন, কংগ্রেসিদের হাত শিখদের রক্তে ভেজা। এরা পুলিশ ও সন্ত্রাসী নির্বিশেষে বহু শিখকে হত্যা করেছে। তারা বহু গুরুদ্বার ধ্বংস করেছে। কংগ্রেস শিখদের শত্রু। শিখ হত্যাকারী গান্ধী পরিবারের সঙ্গে একজন সাচ্চা শিখ কখনই হাত মেলাবে না। আসলে তাদের সমস্যা আমার দাদু বিয়ন্ত সিংকে নিয়ে। গান্ধী পরিবার কখনই বিয়ন্ত সিংকে সহ্য করতে পারেনি। কারণ তাঁকে মুখ্যমন্ত্রী পদে বসিয়েছিলেন তৎকালীন প্রধানমন্ত্রী পিভি নরসীমা রাও ও কংগ্রেস সভাপতি সীতারাম কেশরী। তাই গান্ধী পরিবার কখনই বিয়ন্ত সিংয়ের দেশের জন্য প্রাণ বিসর্জনকে সহ্য করতে পারেনি। এদিকে, কেন্দ্রীয় মন্ত্রী রবনীত সিং বিট্টুকে বিশ্বাসঘাতক বলে গালাগাল দেওয়ায় রাহুল গান্ধীর বিরুদ্ধে শিখ সম্প্রদায় মোট জনসংখ্যার মাত্র দেড়-দু শতাংশ শিখ। কিন্তু সেনাবাহিনীতে তাদের সংখ্যা ২০ শতাংশ। এদের বিরুদ্ধে রাহুল গান্ধী লাগাতার গালাগাল দিয়ে যাচ্ছেন। শিখরা সেবা ও মানবতায় বিশ্বাসী। অথচ ১৯৮৪ সালে কারা অমৃতসরে স্বর্ণমন্দিরে সেনা অভিযান চালিয়েছিল, তা আমরা সবাই জানি।
গোয়ালপাড়ায় বিয়ের বাস-ট্রাকের
বরের বড় ভাই এবং নরেশ দাস তার মামা। তাছাড়া এই সংঘর্ষে বেশ কয়েকজন যাত্রী গুরুতর আহত হয়েছেন। পুলিশ ঘটনাস্থলে পৌঁছে আহতদের উদ্ধার করে, যাদের মধ্যে অনেকের অবস্থা আশঙ্কাজনক বলে জানা গেছে। আহতদের দ্রুত উন্নত চিকিৎসার জন্য গোয়ালপাড়ার নিধুনুরাম রাজবংশী সিভিল হাসপাতালে স্থানান্তর করা হয়েছে। দুর্ঘটনার সঠিক কারণ জানতে পুলিশ তদন্ত শুরু করেছে।
পাকিস্তানের সঙ্গে গৌরব গগৈর
করা রাজ্য পুলিশের এসআইটি রিপোর্ট কেন্দ্রীয় স্বরাষ্ট্র মন্ত্রকের কাছে পাঠানো হবে। যদি রাজ্য সরকারের তদন্ত শেষ না হয়, তবে সুরক্ষা-সংক্রান্ত কোনও নিয়ন্ত্রণ নেওয়া সম্ভব নয়। গৌরব গগৈর বিষয়ে মুখ্যমন্ত্রী বলেন, এটা একজন ব্যক্তির বিরুদ্ধে বলে ভুল করে ভাবাও উচিত নয়। এটা একটি ষড়যন্ত্রের বিরুদ্ধে তদন্ত।
রাজ্যের কোনও প্রকল্প আগামীতে
সরকার চালাতে বাধ্য হবে। এ মন্তব্য করেন মুখ্যমন্ত্রী ড. হিমন্তবিশ্ব শর্মা। তিনি বলেন, টাকা নিয়ে চাকরি দেওয়ার ব্যবস্থা আর রাজ্যে চলবে না। রাকেশ পালের (এপিএসসির পূর্বতন চেয়ারম্যান) মত ব্যক্তিকে নিযুক্তি দিয়ে কেউ চাকরির বাজার গড়ে তুলতে পারবে না। বুধবার শিবসাগরে সাংবাদিকদের বিভিন্ন প্রশ্নের জবাবে মুখ্যমন্ত্রী বলেন, হিমন্তবিশ্ব শর্মা জোর দিয়ে বলছেন যে, তিনি রাজ্যে সুশাসনের পথে এগিয়ে চলেছেন। রাজ্যের কোনও প্রকল্পে কোনও নিকৃষ্ট কাজ হলে তা ধরা পড়বে। পরবর্তী সরকার এই প্রকল্প চালাতে বাধ্য হবে। এসব প্রকল্প থেকে সরে আসা কোনও সরকারের পক্ষে সম্ভব হবে না। কারণ জনগণ তা মানবে না।
